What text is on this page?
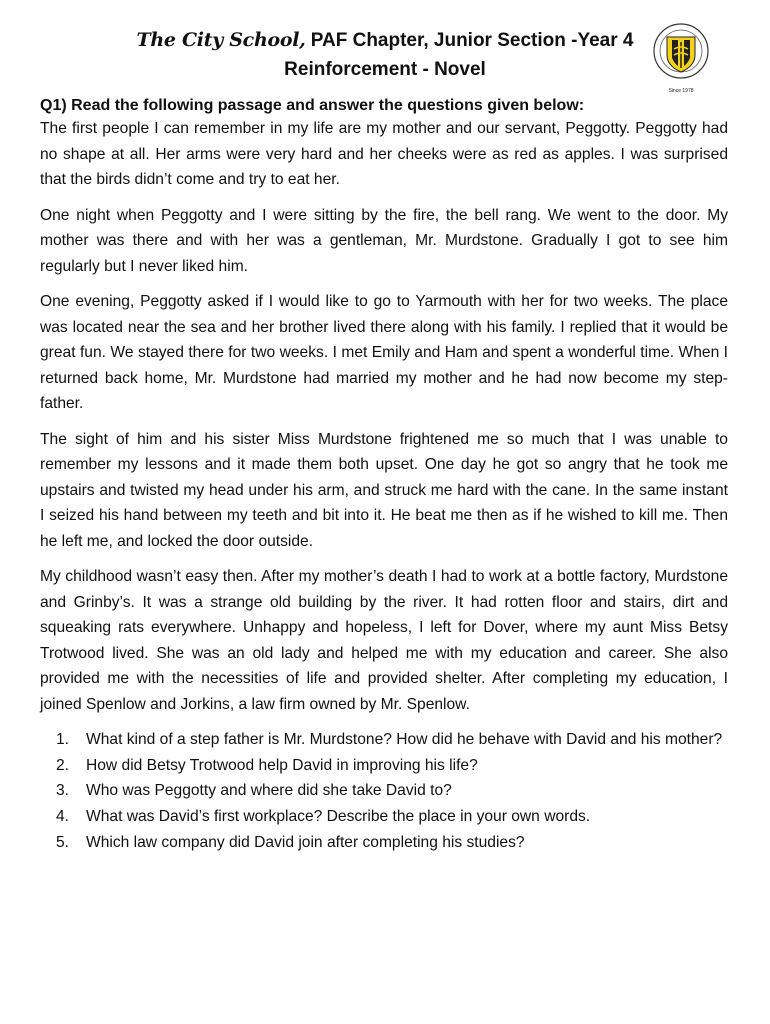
The City School, PAF Chapter, Junior Section -Year 4
Reinforcement - Novel
Since 1978

Q1) Read the following passage and answer the questions given below:

The first people I can remember in my life are my mother and our servant, Peggotty. Peggotty had no shape at all. Her arms were very hard and her cheeks were as red as apples. I was surprised that the birds didn’t come and try to eat her.

One night when Peggotty and I were sitting by the fire, the bell rang. We went to the door. My mother was there and with her was a gentleman, Mr. Murdstone. Gradually I got to see him regularly but I never liked him.

One evening, Peggotty asked if I would like to go to Yarmouth with her for two weeks. The place was located near the sea and her brother lived there along with his family. I replied that it would be great fun. We stayed there for two weeks. I met Emily and Ham and spent a wonderful time. When I returned back home, Mr. Murdstone had married my mother and he had now become my step-father.

The sight of him and his sister Miss Murdstone frightened me so much that I was unable to remember my lessons and it made them both upset. One day he got so angry that he took me upstairs and twisted my head under his arm, and struck me hard with the cane. In the same instant I seized his hand between my teeth and bit into it. He beat me then as if he wished to kill me. Then he left me, and locked the door outside.

My childhood wasn’t easy then. After my mother’s death I had to work at a bottle factory, Murdstone and Grinby’s. It was a strange old building by the river. It had rotten floor and stairs, dirt and squeaking rats everywhere. Unhappy and hopeless, I left for Dover, where my aunt Miss Betsy Trotwood lived. She was an old lady and helped me with my education and career. She also provided me with the necessities of life and provided shelter. After completing my education, I joined Spenlow and Jorkins, a law firm owned by Mr. Spenlow.

1. What kind of a step father is Mr. Murdstone? How did he behave with David and his mother?
2. How did Betsy Trotwood help David in improving his life?
3. Who was Peggotty and where did she take David to?
4. What was David’s first workplace? Describe the place in your own words.
5. Which law company did David join after completing his studies?
